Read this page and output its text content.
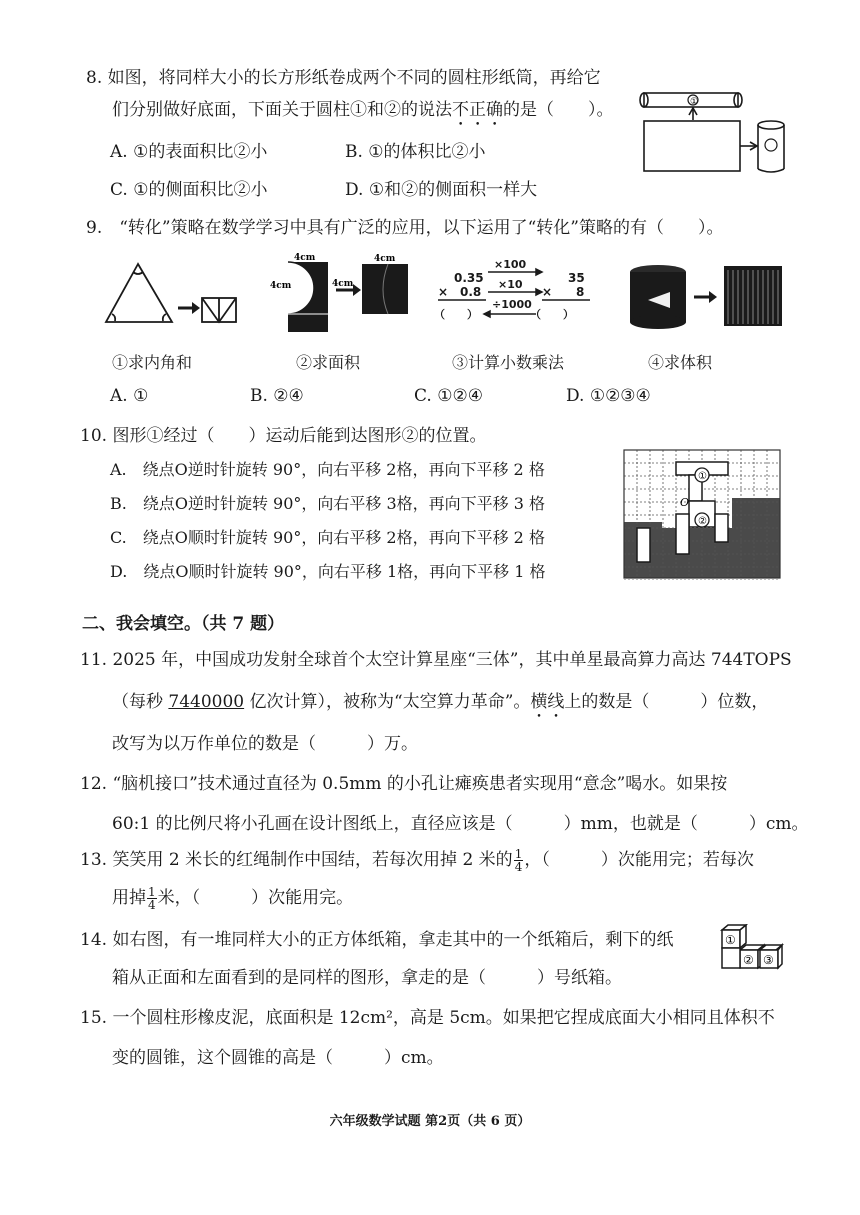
8. 如图，将同样大小的长方形纸卷成两个不同的圆柱形纸筒，再给它
们分别做好底面，下面关于圆柱①和②的说法不正确的是（　　）。
A. ①的表面积比②小	B. ①的体积比②小
C. ①的侧面积比②小	D. ①和②的侧面积一样大
①
9.　“转化”策略在数学学习中具有广泛的应用，以下运用了“转化”策略的有（　　）。
4cm
4cm	4cm
4cm
0.35
× 0.8
（　　）
35
× 8
（　　）
×100
×10
÷1000
①求内角和	②求面积	③计算小数乘法	④求体积
A. ①	B. ②④	C. ①②④	D. ①②③④
10. 图形①经过（　　）运动后能到达图形②的位置。
A.　绕点O逆时针旋转 90°，向右平移 2格，再向下平移 2 格
B.　绕点O逆时针旋转 90°，向右平移 3格，再向下平移 3 格
C.　绕点O顺时针旋转 90°，向右平移 2格，再向下平移 2 格
D.　绕点O顺时针旋转 90°，向右平移 1格，再向下平移 1 格
①
②
O
二、我会填空。（共 7 题）
11. 2025 年，中国成功发射全球首个太空计算星座“三体”，其中单星最高算力高达 744TOPS
（每秒 7440000 亿次计算），被称为“太空算力革命”。横线上的数是（　　　）位数，
改写为以万作单位的数是（　　　）万。
12. “脑机接口”技术通过直径为 0.5mm 的小孔让瘫痪患者实现用“意念”喝水。如果按
60:1 的比例尺将小孔画在设计图纸上，直径应该是（　　　）mm，也就是（　　　）cm。
13. 笑笑用 2 米长的红绳制作中国结，若每次用掉 2 米的 $\frac{1}{4}$ ，（　　　）次能用完；若每次
用掉 $\frac{1}{4}$ 米，（　　　）次能用完。
14. 如右图，有一堆同样大小的正方体纸箱，拿走其中的一个纸箱后，剩下的纸
箱从正面和左面看到的是同样的图形，拿走的是（　　　）号纸箱。
①
② ③
15. 一个圆柱形橡皮泥，底面积是 12cm²，高是 5cm。如果把它捏成底面大小相同且体积不
变的圆锥，这个圆锥的高是（　　　）cm。
六年级数学试题 第2页（共 6 页）
